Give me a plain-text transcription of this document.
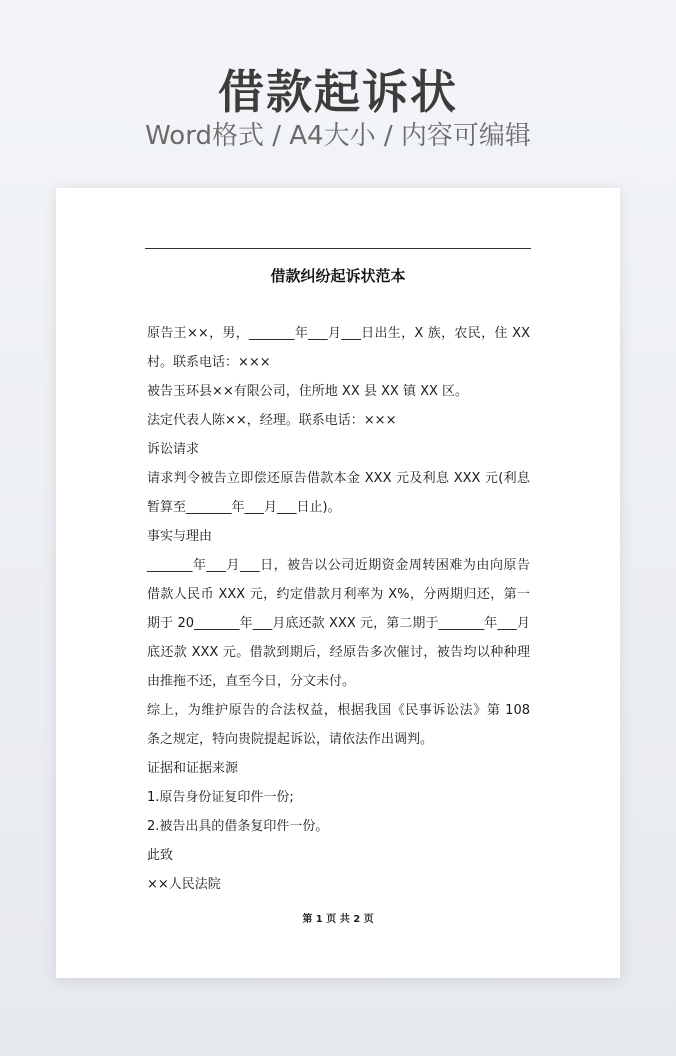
借款起诉状
Word格式 / A4大小 / 内容可编辑
借款纠纷起诉状范本

原告王××，男，_______年___月___日出生，X 族，农民，住 XX 村。联系电话：×××

被告玉环县××有限公司，住所地 XX 县 XX 镇 XX 区。

法定代表人陈××，经理。联系电话：×××

诉讼请求

请求判令被告立即偿还原告借款本金 XXX 元及利息 XXX 元(利息暂算至_______年___月___日止)。

事实与理由

_______年___月___日，被告以公司近期资金周转困难为由向原告借款人民币 XXX 元，约定借款月利率为 X%，分两期归还，第一期于 20_______年___月底还款 XXX 元，第二期于_______年___月底还款 XXX 元。借款到期后，经原告多次催讨，被告均以种种理由推拖不还，直至今日，分文未付。

综上，为维护原告的合法权益，根据我国《民事诉讼法》第 108 条之规定，特向贵院提起诉讼，请依法作出调判。

证据和证据来源

1.原告身份证复印件一份;

2.被告出具的借条复印件一份。

此致

××人民法院

第 1 页 共 2 页
